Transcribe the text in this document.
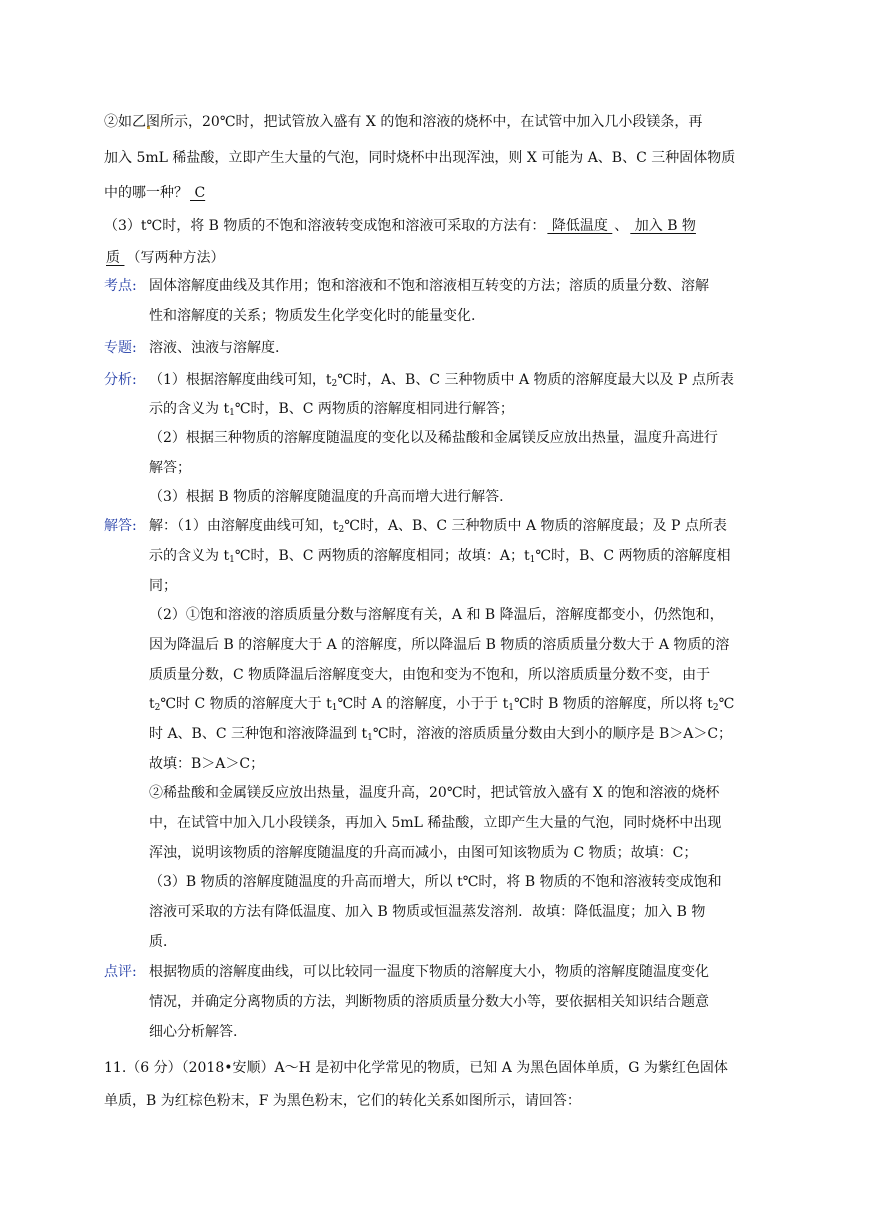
②如乙图所示，20℃时，把试管放入盛有 X 的饱和溶液的烧杯中，在试管中加入几小段镁条，再
加入 5mL 稀盐酸，立即产生大量的气泡，同时烧杯中出现浑浊，则 X 可能为 A、B、C 三种固体物质
中的哪一种？ C
（3）t℃时，将 B 物质的不饱和溶液转变成饱和溶液可采取的方法有： 降低温度 、 加入 B 物
质 （写两种方法）
考点: 固体溶解度曲线及其作用；饱和溶液和不饱和溶液相互转变的方法；溶质的质量分数、溶解
性和溶解度的关系；物质发生化学变化时的能量变化.
专题: 溶液、浊液与溶解度.
分析: （1）根据溶解度曲线可知，$t_2℃$时，A、B、C 三种物质中 A 物质的溶解度最大以及 P 点所表
示的含义为 $t_1℃$时，B、C 两物质的溶解度相同进行解答；
（2）根据三种物质的溶解度随温度的变化以及稀盐酸和金属镁反应放出热量，温度升高进行
解答；
（3）根据 B 物质的溶解度随温度的升高而增大进行解答.
解答: 解：（1）由溶解度曲线可知，$t_2℃$时，A、B、C 三种物质中 A 物质的溶解度最；及 P 点所表
示的含义为 $t_1℃$时，B、C 两物质的溶解度相同；故填：A；$t_1℃$时，B、C 两物质的溶解度相
同；
（2）①饱和溶液的溶质质量分数与溶解度有关，A 和 B 降温后，溶解度都变小，仍然饱和，
因为降温后 B 的溶解度大于 A 的溶解度，所以降温后 B 物质的溶质质量分数大于 A 物质的溶
质质量分数，C 物质降温后溶解度变大，由饱和变为不饱和，所以溶质质量分数不变，由于
$t_2℃$时 C 物质的溶解度大于 $t_1℃$时 A 的溶解度，小于于 $t_1℃$时 B 物质的溶解度，所以将 $t_2℃$
时 A、B、C 三种饱和溶液降温到 $t_1℃$时，溶液的溶质质量分数由大到小的顺序是 B＞A＞C；
故填：B＞A＞C；
②稀盐酸和金属镁反应放出热量，温度升高，20℃时，把试管放入盛有 X 的饱和溶液的烧杯
中，在试管中加入几小段镁条，再加入 5mL 稀盐酸，立即产生大量的气泡，同时烧杯中出现
浑浊，说明该物质的溶解度随温度的升高而减小，由图可知该物质为 C 物质；故填：C；
（3）B 物质的溶解度随温度的升高而增大，所以 t℃时，将 B 物质的不饱和溶液转变成饱和
溶液可采取的方法有降低温度、加入 B 物质或恒温蒸发溶剂．故填：降低温度；加入 B 物
质．
点评: 根据物质的溶解度曲线，可以比较同一温度下物质的溶解度大小，物质的溶解度随温度变化
情况，并确定分离物质的方法，判断物质的溶质质量分数大小等，要依据相关知识结合题意
细心分析解答.
11.（6 分）（2018•安顺）A～H 是初中化学常见的物质，已知 A 为黑色固体单质，G 为紫红色固体
单质，B 为红棕色粉末，F 为黑色粉末，它们的转化关系如图所示，请回答：
